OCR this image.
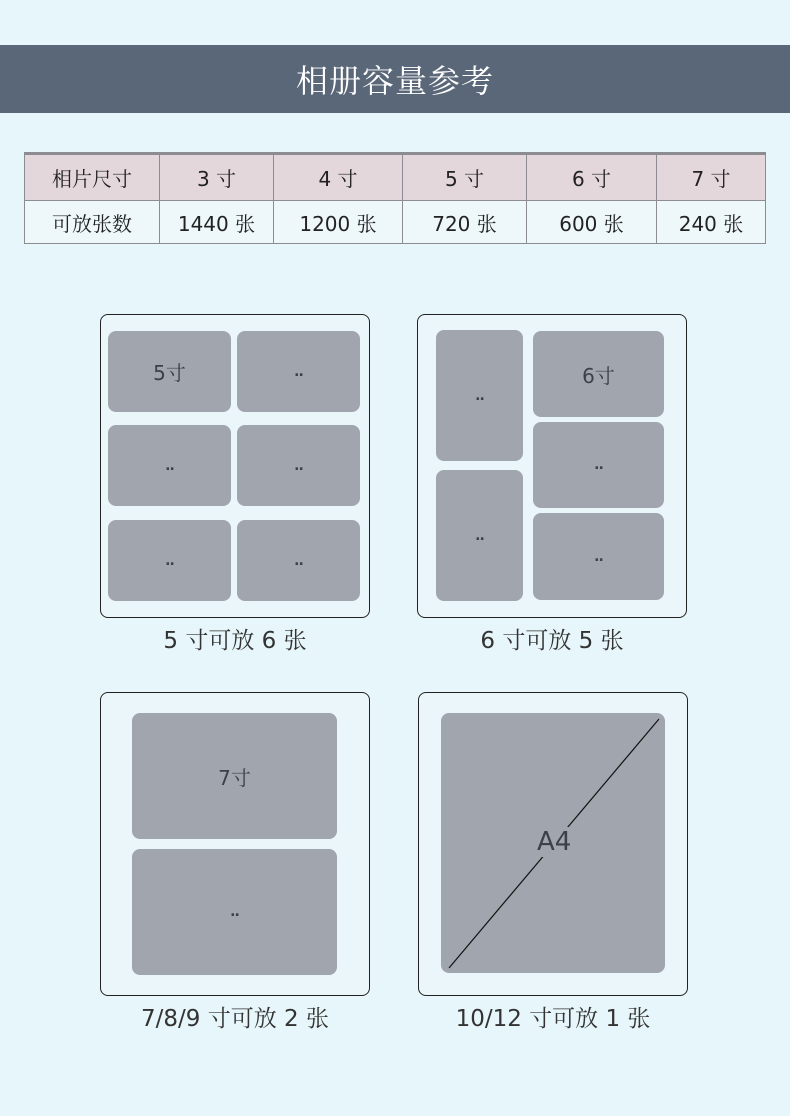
相册容量参考
相片尺寸	3 寸	4 寸	5 寸	6 寸	7 寸
可放张数	1440 张	1200 张	720 张	600 张	240 张
5寸	..
..	..
..	..
5 寸可放 6 张
..
..
6寸
..
..
6 寸可放 5 张
7寸
..
7/8/9 寸可放 2 张
A4
10/12 寸可放 1 张
